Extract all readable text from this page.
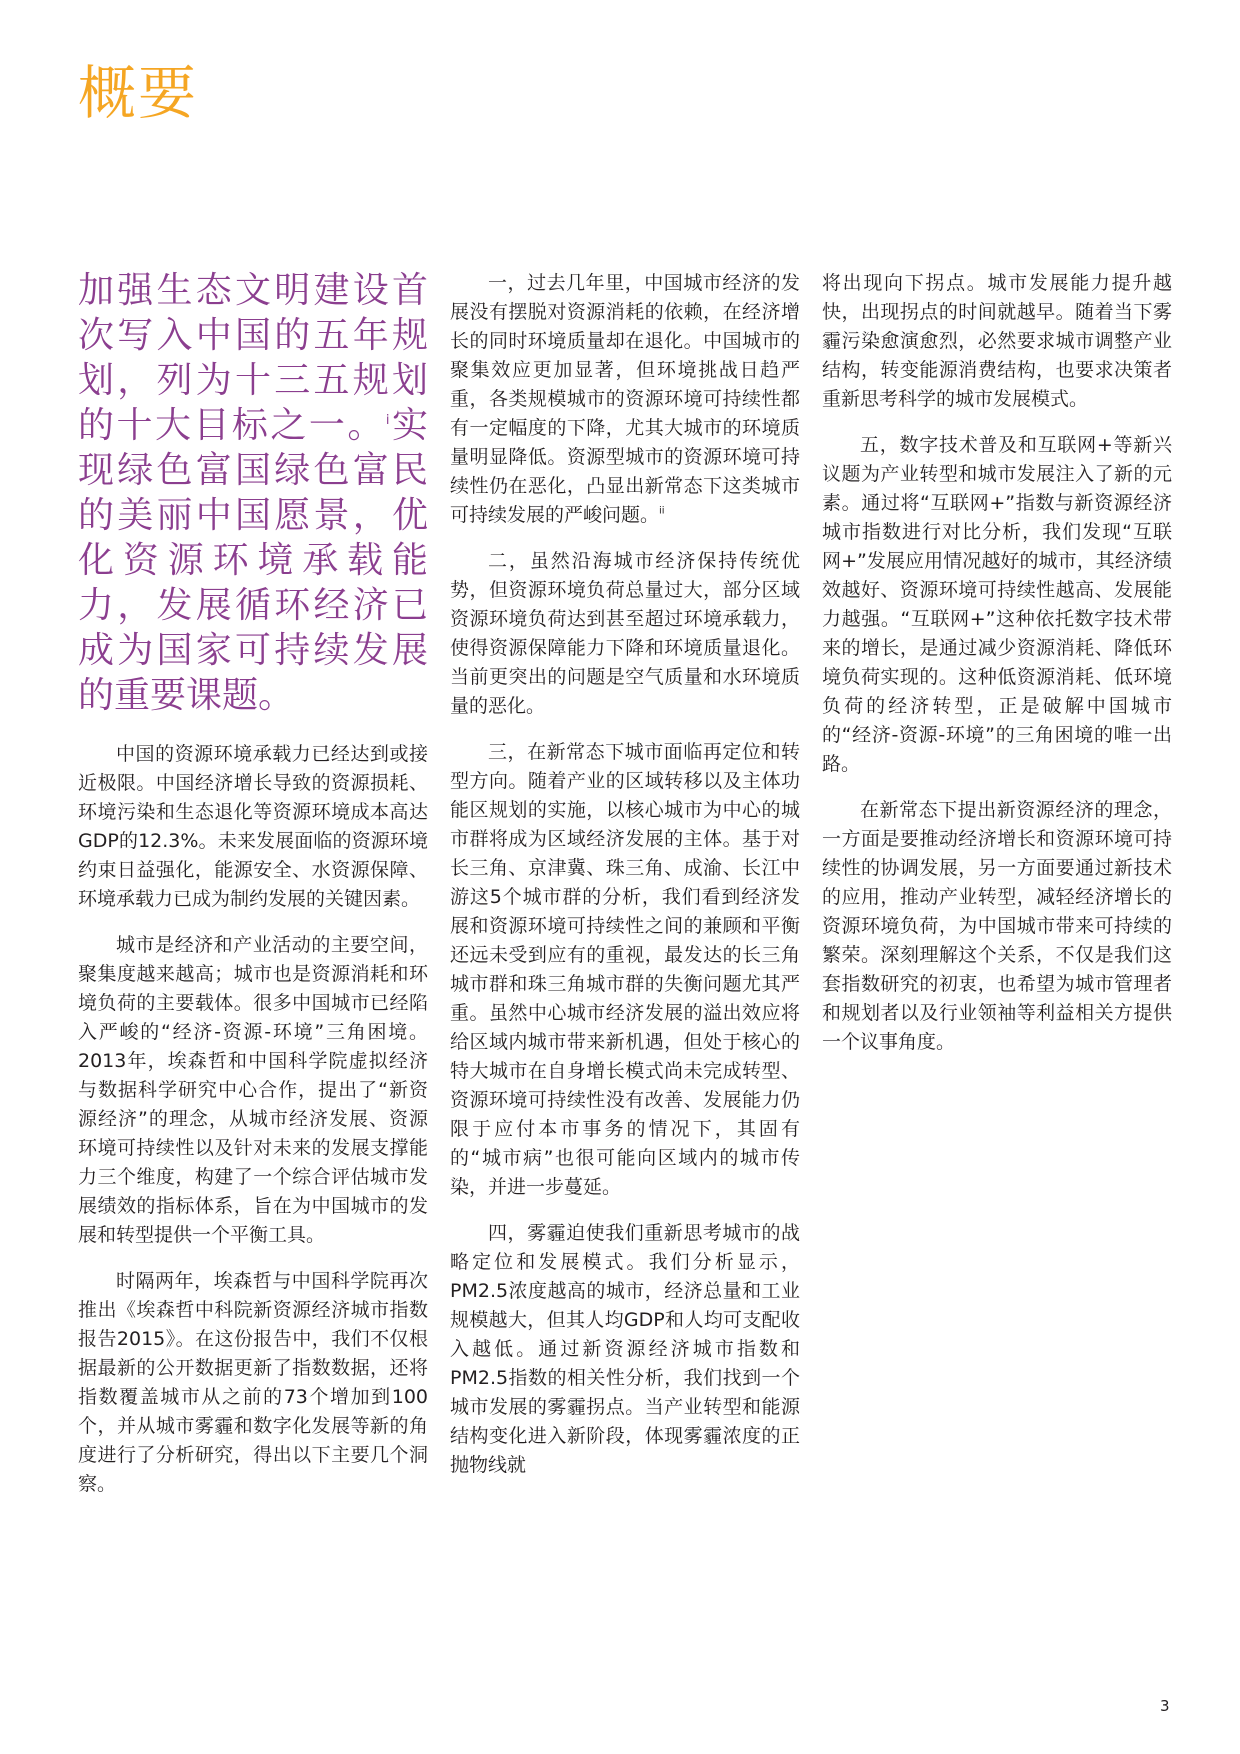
概要

加强生态文明建设首次写入中国的五年规划，列为十三五规划的十大目标之一。$^i$实现绿色富国绿色富民的美丽中国愿景，优化资源环境承载能力，发展循环经济已成为国家可持续发展的重要课题。

中国的资源环境承载力已经达到或接近极限。中国经济增长导致的资源损耗、环境污染和生态退化等资源环境成本高达GDP的12.3%。未来发展面临的资源环境约束日益强化，能源安全、水资源保障、环境承载力已成为制约发展的关键因素。

城市是经济和产业活动的主要空间，聚集度越来越高；城市也是资源消耗和环境负荷的主要载体。很多中国城市已经陷入严峻的“经济-资源-环境”三角困境。2013年，埃森哲和中国科学院虚拟经济与数据科学研究中心合作，提出了“新资源经济”的理念，从城市经济发展、资源环境可持续性以及针对未来的发展支撑能力三个维度，构建了一个综合评估城市发展绩效的指标体系，旨在为中国城市的发展和转型提供一个平衡工具。

时隔两年，埃森哲与中国科学院再次推出《埃森哲中科院新资源经济城市指数报告2015》。在这份报告中，我们不仅根据最新的公开数据更新了指数数据，还将指数覆盖城市从之前的73个增加到100个，并从城市雾霾和数字化发展等新的角度进行了分析研究，得出以下主要几个洞察。

一，过去几年里，中国城市经济的发展没有摆脱对资源消耗的依赖，在经济增长的同时环境质量却在退化。中国城市的聚集效应更加显著，但环境挑战日趋严重，各类规模城市的资源环境可持续性都有一定幅度的下降，尤其大城市的环境质量明显降低。资源型城市的资源环境可持续性仍在恶化，凸显出新常态下这类城市可持续发展的严峻问题。$^{ii}$

二，虽然沿海城市经济保持传统优势，但资源环境负荷总量过大，部分区域资源环境负荷达到甚至超过环境承载力，使得资源保障能力下降和环境质量退化。当前更突出的问题是空气质量和水环境质量的恶化。

三，在新常态下城市面临再定位和转型方向。随着产业的区域转移以及主体功能区规划的实施，以核心城市为中心的城市群将成为区域经济发展的主体。基于对长三角、京津冀、珠三角、成渝、长江中游这5个城市群的分析，我们看到经济发展和资源环境可持续性之间的兼顾和平衡还远未受到应有的重视，最发达的长三角城市群和珠三角城市群的失衡问题尤其严重。虽然中心城市经济发展的溢出效应将给区域内城市带来新机遇，但处于核心的特大城市在自身增长模式尚未完成转型、资源环境可持续性没有改善、发展能力仍限于应付本市事务的情况下，其固有的“城市病”也很可能向区域内的城市传染，并进一步蔓延。

四，雾霾迫使我们重新思考城市的战略定位和发展模式。我们分析显示，PM2.5浓度越高的城市，经济总量和工业规模越大，但其人均GDP和人均可支配收入越低。通过新资源经济城市指数和PM2.5指数的相关性分析，我们找到一个城市发展的雾霾拐点。当产业转型和能源结构变化进入新阶段，体现雾霾浓度的正抛物线就

将出现向下拐点。城市发展能力提升越快，出现拐点的时间就越早。随着当下雾霾污染愈演愈烈，必然要求城市调整产业结构，转变能源消费结构，也要求决策者重新思考科学的城市发展模式。

五，数字技术普及和互联网+等新兴议题为产业转型和城市发展注入了新的元素。通过将“互联网+”指数与新资源经济城市指数进行对比分析，我们发现“互联网+”发展应用情况越好的城市，其经济绩效越好、资源环境可持续性越高、发展能力越强。“互联网+”这种依托数字技术带来的增长，是通过减少资源消耗、降低环境负荷实现的。这种低资源消耗、低环境负荷的经济转型，正是破解中国城市的“经济-资源-环境”的三角困境的唯一出路。

在新常态下提出新资源经济的理念，一方面是要推动经济增长和资源环境可持续性的协调发展，另一方面要通过新技术的应用，推动产业转型，减轻经济增长的资源环境负荷，为中国城市带来可持续的繁荣。深刻理解这个关系，不仅是我们这套指数研究的初衷，也希望为城市管理者和规划者以及行业领袖等利益相关方提供一个议事角度。

3
